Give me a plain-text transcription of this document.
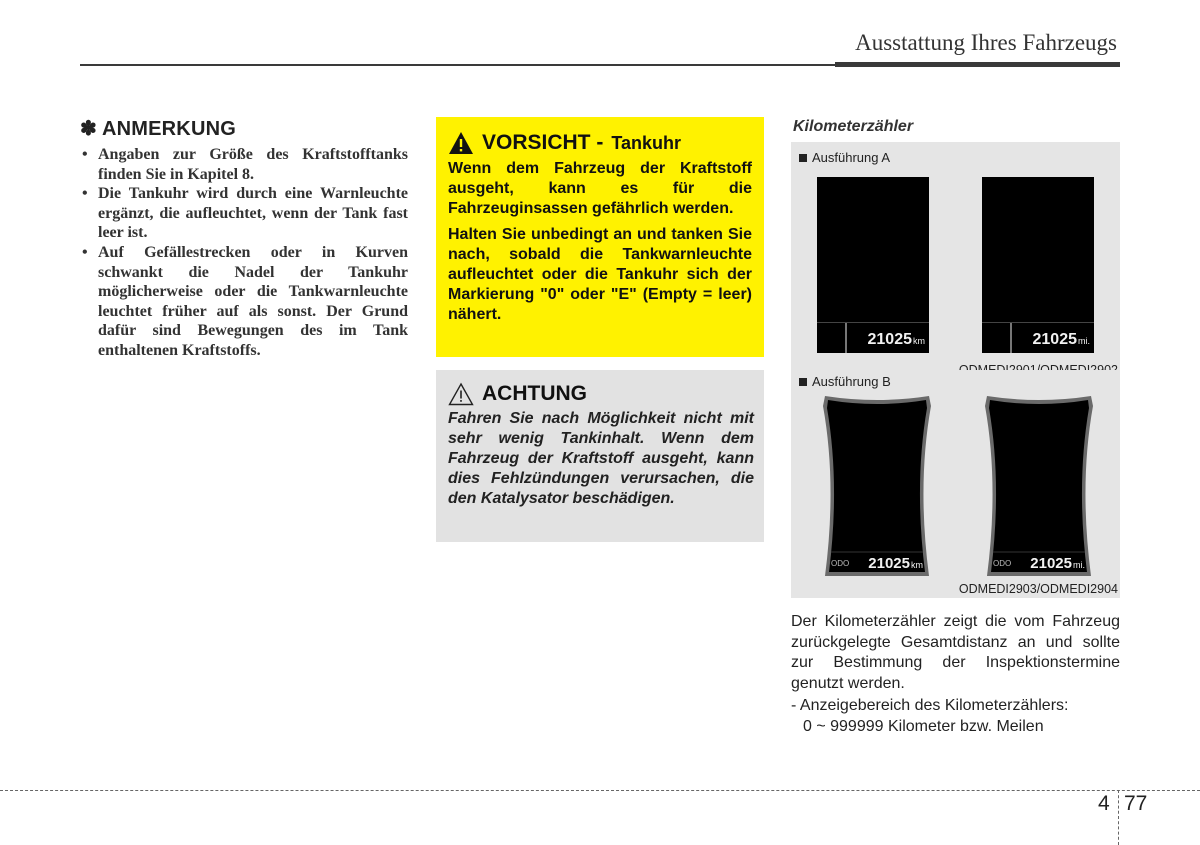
Ausstattung Ihres Fahrzeugs
✽ ANMERKUNG
• Angaben zur Größe des Kraftstofftanks finden Sie in Kapitel 8.
• Die Tankuhr wird durch eine Warnleuchte ergänzt, die aufleuchtet, wenn der Tank fast leer ist.
• Auf Gefällestrecken oder in Kurven schwankt die Nadel der Tankuhr möglicherweise oder die Tankwarnleuchte leuchtet früher auf als sonst. Der Grund dafür sind Bewegungen des im Tank enthaltenen Kraftstoffs.
VORSICHT - Tankuhr

Wenn dem Fahrzeug der Kraftstoff ausgeht, kann es für die Fahrzeuginsassen gefährlich werden.

Halten Sie unbedingt an und tanken Sie nach, sobald die Tankwarnleuchte aufleuchtet oder die Tankuhr sich der Markierung "0" oder "E" (Empty = leer) nähert.

ACHTUNG

Fahren Sie nach Möglichkeit nicht mit sehr wenig Tankinhalt. Wenn dem Fahrzeug der Kraftstoff ausgeht, kann dies Fehlzündungen verursachen, die den Katalysator beschädigen.

Kilometerzähler
Ausführung A
21025km	21025mi.
Ausführung B
ODO 21025km	ODO 21025mi.
ODMEDI2903/ODMEDI2904

Der Kilometerzähler zeigt die vom Fahrzeug zurückgelegte Gesamtdistanz an und sollte zur Bestimmung der Inspektionstermine genutzt werden.

- Anzeigebereich des Kilometerzählers:
0 ~ 999999 Kilometer bzw. Meilen
4 77
